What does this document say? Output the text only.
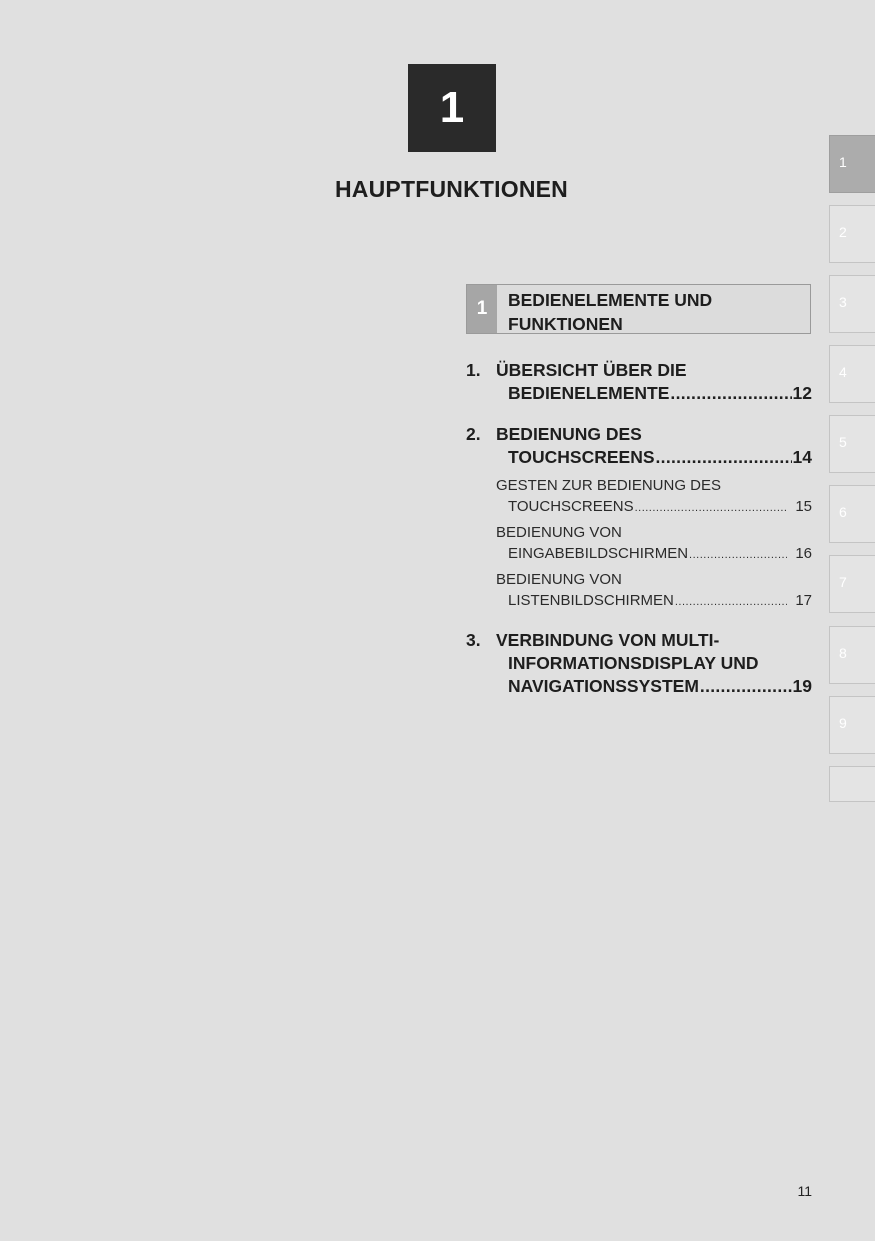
1
HAUPTFUNKTIONEN
1	BEDIENELEMENTE UND
FUNKTIONEN
1. ÜBERSICHT ÜBER DIE
BEDIENELEMENTE .....	12
2. BEDIENUNG DES
TOUCHSCREENS .....	14
GESTEN ZUR BEDIENUNG DES
TOUCHSCREENS .....	15
BEDIENUNG VON
EINGABEBILDSCHIRMEN .....	16
BEDIENUNG VON
LISTENBILDSCHIRMEN .....	17
3. VERBINDUNG VON MULTI-
INFORMATIONSDISPLAY UND
NAVIGATIONSSYSTEM .....	19
1
2
3
4
5
6
7
8
9
11
